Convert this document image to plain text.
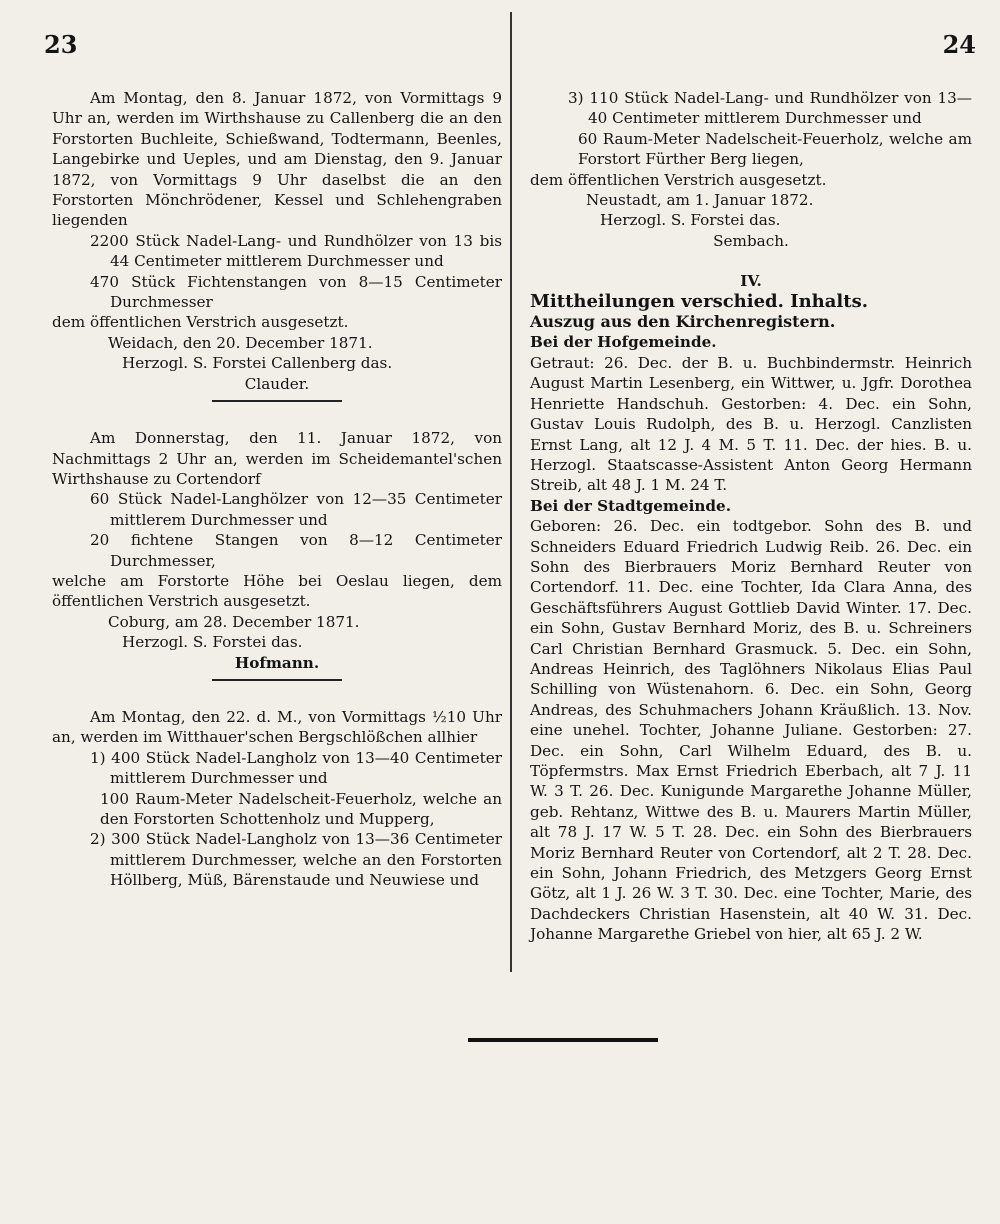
23	24

Am Montag, den 8. Januar 1872, von Vormittags 9 Uhr an, werden im Wirthshause zu Callenberg die an den Forstorten Buchleite, Schießwand, Todtermann, Beenles, Langebirke und Ueples, und am Dienstag, den 9. Januar 1872, von Vormittags 9 Uhr daselbst die an den Forstorten Mönchrödener, Kessel und Schlehengraben liegenden

2200 Stück Nadel-Lang- und Rundhölzer von 13 bis 44 Centimeter mittlerem Durchmesser und

470 Stück Fichtenstangen von 8—15 Centimeter Durchmesser

dem öffentlichen Verstrich ausgesetzt.

Weidach, den 20. December 1871.

Herzogl. S. Forstei Callenberg das.

Clauder.

Am Donnerstag, den 11. Januar 1872, von Nachmittags 2 Uhr an, werden im Scheidemantel'schen Wirthshause zu Cortendorf

60 Stück Nadel-Langhölzer von 12—35 Centimeter mittlerem Durchmesser und

20 fichtene Stangen von 8—12 Centimeter Durchmesser,

welche am Forstorte Höhe bei Oeslau liegen, dem öffentlichen Verstrich ausgesetzt.

Coburg, am 28. December 1871.

Herzogl. S. Forstei das.

Hofmann.

Am Montag, den 22. d. M., von Vormittags ½10 Uhr an, werden im Witthauer'schen Bergschlößchen allhier

1) 400 Stück Nadel-Langholz von 13—40 Centimeter mittlerem Durchmesser und

100 Raum-Meter Nadelscheit-Feuerholz, welche an den Forstorten Schottenholz und Mupperg,

2) 300 Stück Nadel-Langholz von 13—36 Centimeter mittlerem Durchmesser, welche an den Forstorten Höllberg, Müß, Bärenstaude und Neuwiese und

3) 110 Stück Nadel-Lang- und Rundhölzer von 13—40 Centimeter mittlerem Durchmesser und

60 Raum-Meter Nadelscheit-Feuerholz, welche am Forstort Fürther Berg liegen,

dem öffentlichen Verstrich ausgesetzt.

Neustadt, am 1. Januar 1872.

Herzogl. S. Forstei das.

Sembach.

IV.

Mittheilungen verschied. Inhalts.

Auszug aus den Kirchenregistern.

Bei der Hofgemeinde.

Getraut: 26. Dec. der B. u. Buchbindermstr. Heinrich August Martin Lesenberg, ein Wittwer, u. Jgfr. Dorothea Henriette Handschuh. Gestorben: 4. Dec. ein Sohn, Gustav Louis Rudolph, des B. u. Herzogl. Canzlisten Ernst Lang, alt 12 J. 4 M. 5 T. 11. Dec. der hies. B. u. Herzogl. Staatscasse-Assistent Anton Georg Hermann Streib, alt 48 J. 1 M. 24 T.

Bei der Stadtgemeinde.

Geboren: 26. Dec. ein todtgebor. Sohn des B. und Schneiders Eduard Friedrich Ludwig Reib. 26. Dec. ein Sohn des Bierbrauers Moriz Bernhard Reuter von Cortendorf. 11. Dec. eine Tochter, Ida Clara Anna, des Geschäftsführers August Gottlieb David Winter. 17. Dec. ein Sohn, Gustav Bernhard Moriz, des B. u. Schreiners Carl Christian Bernhard Grasmuck. 5. Dec. ein Sohn, Andreas Heinrich, des Taglöhners Nikolaus Elias Paul Schilling von Wüstenahorn. 6. Dec. ein Sohn, Georg Andreas, des Schuhmachers Johann Kräußlich. 13. Nov. eine unehel. Tochter, Johanne Juliane. Gestorben: 27. Dec. ein Sohn, Carl Wilhelm Eduard, des B. u. Töpfermstrs. Max Ernst Friedrich Eberbach, alt 7 J. 11 W. 3 T. 26. Dec. Kunigunde Margarethe Johanne Müller, geb. Rehtanz, Wittwe des B. u. Maurers Martin Müller, alt 78 J. 17 W. 5 T. 28. Dec. ein Sohn des Bierbrauers Moriz Bernhard Reuter von Cortendorf, alt 2 T. 28. Dec. ein Sohn, Johann Friedrich, des Metzgers Georg Ernst Götz, alt 1 J. 26 W. 3 T. 30. Dec. eine Tochter, Marie, des Dachdeckers Christian Hasenstein, alt 40 W. 31. Dec. Johanne Margarethe Griebel von hier, alt 65 J. 2 W.
